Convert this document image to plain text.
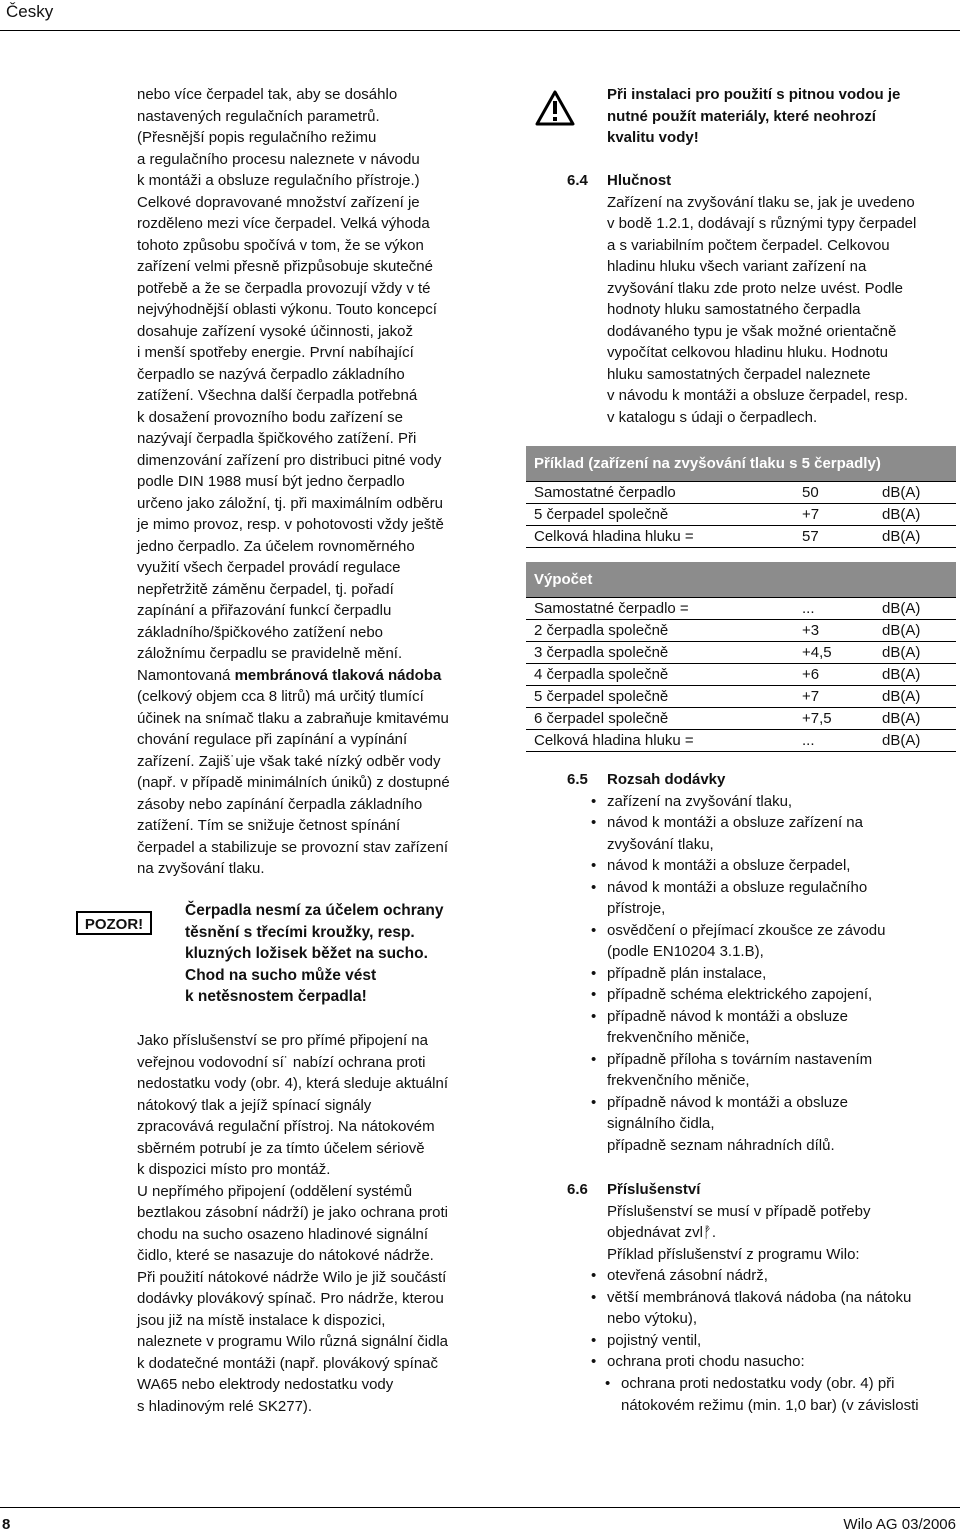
Česky

nebo více čerpadel tak, aby se dosáhlo
nastavených regulačních parametrů.
(Přesnější popis regulačního režimu
a regulačního procesu naleznete v návodu
k montáži a obsluze regulačního přístroje.)
Celkové dopravované množství zařízení je
rozděleno mezi více čerpadel. Velká výhoda
tohoto způsobu spočívá v tom, že se výkon
zařízení velmi přesně přizpůsobuje skutečné
potřebě a že se čerpadla provozují vždy v té
nejvýhodnější oblasti výkonu. Touto koncepcí
dosahuje zařízení vysoké účinnosti, jakož
i menší spotřeby energie. První nabíhající
čerpadlo se nazývá čerpadlo základního
zatížení. Všechna další čerpadla potřebná
k dosažení provozního bodu zařízení se
nazývají čerpadla špičkového zatížení. Při
dimenzování zařízení pro distribuci pitné vody
podle DIN 1988 musí být jedno čerpadlo
určeno jako záložní, tj. při maximálním odběru
je mimo provoz, resp. v pohotovosti vždy ještě
jedno čerpadlo. Za účelem rovnoměrného
využití všech čerpadel provádí regulace
nepřetržitě záměnu čerpadel, tj. pořadí
zapínání a přiřazování funkcí čerpadlu
základního/špičkového zatížení nebo
záložnímu čerpadlu se pravidelně mění.

Namontovaná membránová tlaková nádoba
(celkový objem cca 8 litrů) má určitý tlumící
účinek na snímač tlaku a zabraňuje kmitavému
chování regulace při zapínání a vypínání
zařízení. Zajiš˙uje však také nízký odběr vody
(např. v případě minimálních úniků) z dostupné
zásoby nebo zapínání čerpadla základního
zatížení. Tím se snižuje četnost spínání
čerpadel a stabilizuje se provozní stav zařízení
na zvyšování tlaku.

POZOR!
Čerpadla nesmí za účelem ochrany
těsnění s třecími kroužky, resp.
kluzných ložisek běžet na sucho.
Chod na sucho může vést
k netěsnostem čerpadla!

Jako příslušenství se pro přímé připojení na
veřejnou vodovodní sí˙ nabízí ochrana proti
nedostatku vody (obr. 4), která sleduje aktuální
nátokový tlak a jejíž spínací signály
zpracovává regulační přístroj. Na nátokovém
sběrném potrubí je za tímto účelem sériově
k dispozici místo pro montáž.
U nepřímého připojení (oddělení systémů
beztlakou zásobní nádrží) je jako ochrana proti
chodu na sucho osazeno hladinové signální
čidlo, které se nasazuje do nátokové nádrže.
Při použití nátokové nádrže Wilo je již součástí
dodávky plovákový spínač. Pro nádrže, kterou
jsou již na místě instalace k dispozici,
naleznete v programu Wilo různá signální čidla
k dodatečné montáži (např. plovákový spínač
WA65 nebo elektrody nedostatku vody
s hladinovým relé SK277).

Při instalaci pro použití s pitnou vodou je
nutné použít materiály, které neohrozí
kvalitu vody!
6.4 Hlučnost
Zařízení na zvyšování tlaku se, jak je uvedeno
v bodě 1.2.1, dodávají s různými typy čerpadel
a s variabilním počtem čerpadel. Celkovou
hladinu hluku všech variant zařízení na
zvyšování tlaku zde proto nelze uvést. Podle
hodnoty hluku samostatného čerpadla
dodávaného typu je však možné orientačně
vypočítat celkovou hladinu hluku. Hodnotu
hluku samostatných čerpadel naleznete
v návodu k montáži a obsluze čerpadel, resp.
v katalogu s údaji o čerpadlech.
Příklad (zařízení na zvyšování tlaku s 5 čerpadly)
Samostatné čerpadlo	50	dB(A)
5 čerpadel společně	+7	dB(A)
Celková hladina hluku =	57	dB(A)
Výpočet
Samostatné čerpadlo =	...	dB(A)
2 čerpadla společně	+3	dB(A)
3 čerpadla společně	+4,5	dB(A)
4 čerpadla společně	+6	dB(A)
5 čerpadel společně	+7	dB(A)
6 čerpadel společně	+7,5	dB(A)
Celková hladina hluku =	...	dB(A)
6.5 Rozsah dodávky
• zařízení na zvyšování tlaku,
• návod k montáži a obsluze zařízení na
zvyšování tlaku,
• návod k montáži a obsluze čerpadel,
• návod k montáži a obsluze regulačního
přístroje,
• osvědčení o přejímací zkoušce ze závodu
(podle EN10204 3.1.B),
• případně plán instalace,
• případně schéma elektrického zapojení,
• případně návod k montáži a obsluze
frekvenčního měniče,
• případně příloha s továrním nastavením
frekvenčního měniče,
• případně návod k montáži a obsluze
signálního čidla,
případně seznam náhradních dílů.
6.6 Příslušenství
Příslušenství se musí v případě potřeby
objednávat zvlᚡ.
Příklad příslušenství z programu Wilo:
• otevřená zásobní nádrž,
• větší membránová tlaková nádoba (na nátoku
nebo výtoku),
• pojistný ventil,
• ochrana proti chodu nasucho:
• ochrana proti nedostatku vody (obr. 4) při
nátokovém režimu (min. 1,0 bar) (v závislosti
8	Wilo AG 03/2006
